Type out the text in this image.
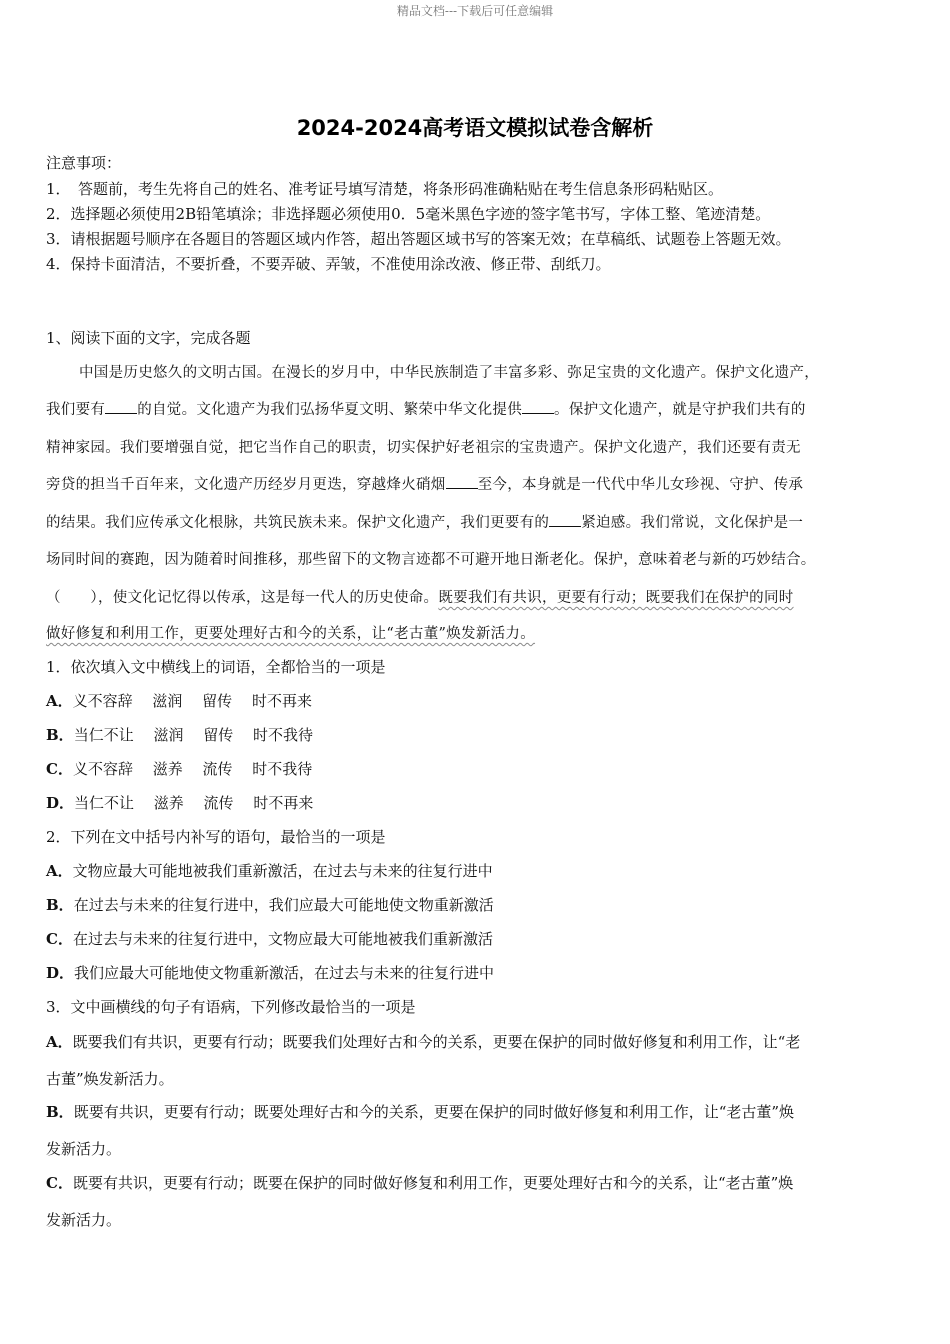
精品文档---下载后可任意编辑
2024-2024高考语文模拟试卷含解析
注意事项：
1．　答题前，考生先将自己的姓名、准考证号填写清楚，将条形码准确粘贴在考生信息条形码粘贴区。
2．选择题必须使用2B铅笔填涂；非选择题必须使用0．5毫米黑色字迹的签字笔书写，字体工整、笔迹清楚。
3．请根据题号顺序在各题目的答题区域内作答，超出答题区域书写的答案无效；在草稿纸、试题卷上答题无效。
4．保持卡面清洁，不要折叠，不要弄破、弄皱，不准使用涂改液、修正带、刮纸刀。
1、阅读下面的文字，完成各题
中国是历史悠久的文明古国。在漫长的岁月中，中华民族制造了丰富多彩、弥足宝贵的文化遗产。保护文化遗产，
我们要有 的自觉。文化遗产为我们弘扬华夏文明、繁荣中华文化提供 。保护文化遗产，就是守护我们共有的
精神家园。我们要增强自觉，把它当作自己的职责，切实保护好老祖宗的宝贵遗产。保护文化遗产，我们还要有责无
旁贷的担当千百年来，文化遗产历经岁月更迭，穿越烽火硝烟 至今，本身就是一代代中华儿女珍视、守护、传承
的结果。我们应传承文化根脉，共筑民族未来。保护文化遗产，我们更要有的 紧迫感。我们常说，文化保护是一
场同时间的赛跑，因为随着时间推移，那些留下的文物言迹都不可避开地日渐老化。保护，意味着老与新的巧妙结合。
（　　），使文化记忆得以传承，这是每一代人的历史使命。既要我们有共识，更要有行动；既要我们在保护的同时
做好修复和利用工作，更要处理好古和今的关系，让“老古董”焕发新活力。
1．依次填入文中横线上的词语，全都恰当的一项是
A．义不容辞　 滋润　 留传　 时不再来
B．当仁不让　 滋润　 留传　 时不我待
C．义不容辞　 滋养　 流传　 时不我待
D．当仁不让　 滋养　 流传　 时不再来
2．下列在文中括号内补写的语句，最恰当的一项是
A．文物应最大可能地被我们重新激活，在过去与未来的往复行进中
B．在过去与未来的往复行进中，我们应最大可能地使文物重新激活
C．在过去与未来的往复行进中，文物应最大可能地被我们重新激活
D．我们应最大可能地使文物重新激活，在过去与未来的往复行进中
3．文中画横线的句子有语病，下列修改最恰当的一项是
A．既要我们有共识，更要有行动；既要我们处理好古和今的关系，更要在保护的同时做好修复和利用工作，让“老
古董”焕发新活力。
B．既要有共识，更要有行动；既要处理好古和今的关系，更要在保护的同时做好修复和利用工作，让“老古董”焕
发新活力。
C．既要有共识，更要有行动；既要在保护的同时做好修复和利用工作，更要处理好古和今的关系，让“老古董”焕
发新活力。
